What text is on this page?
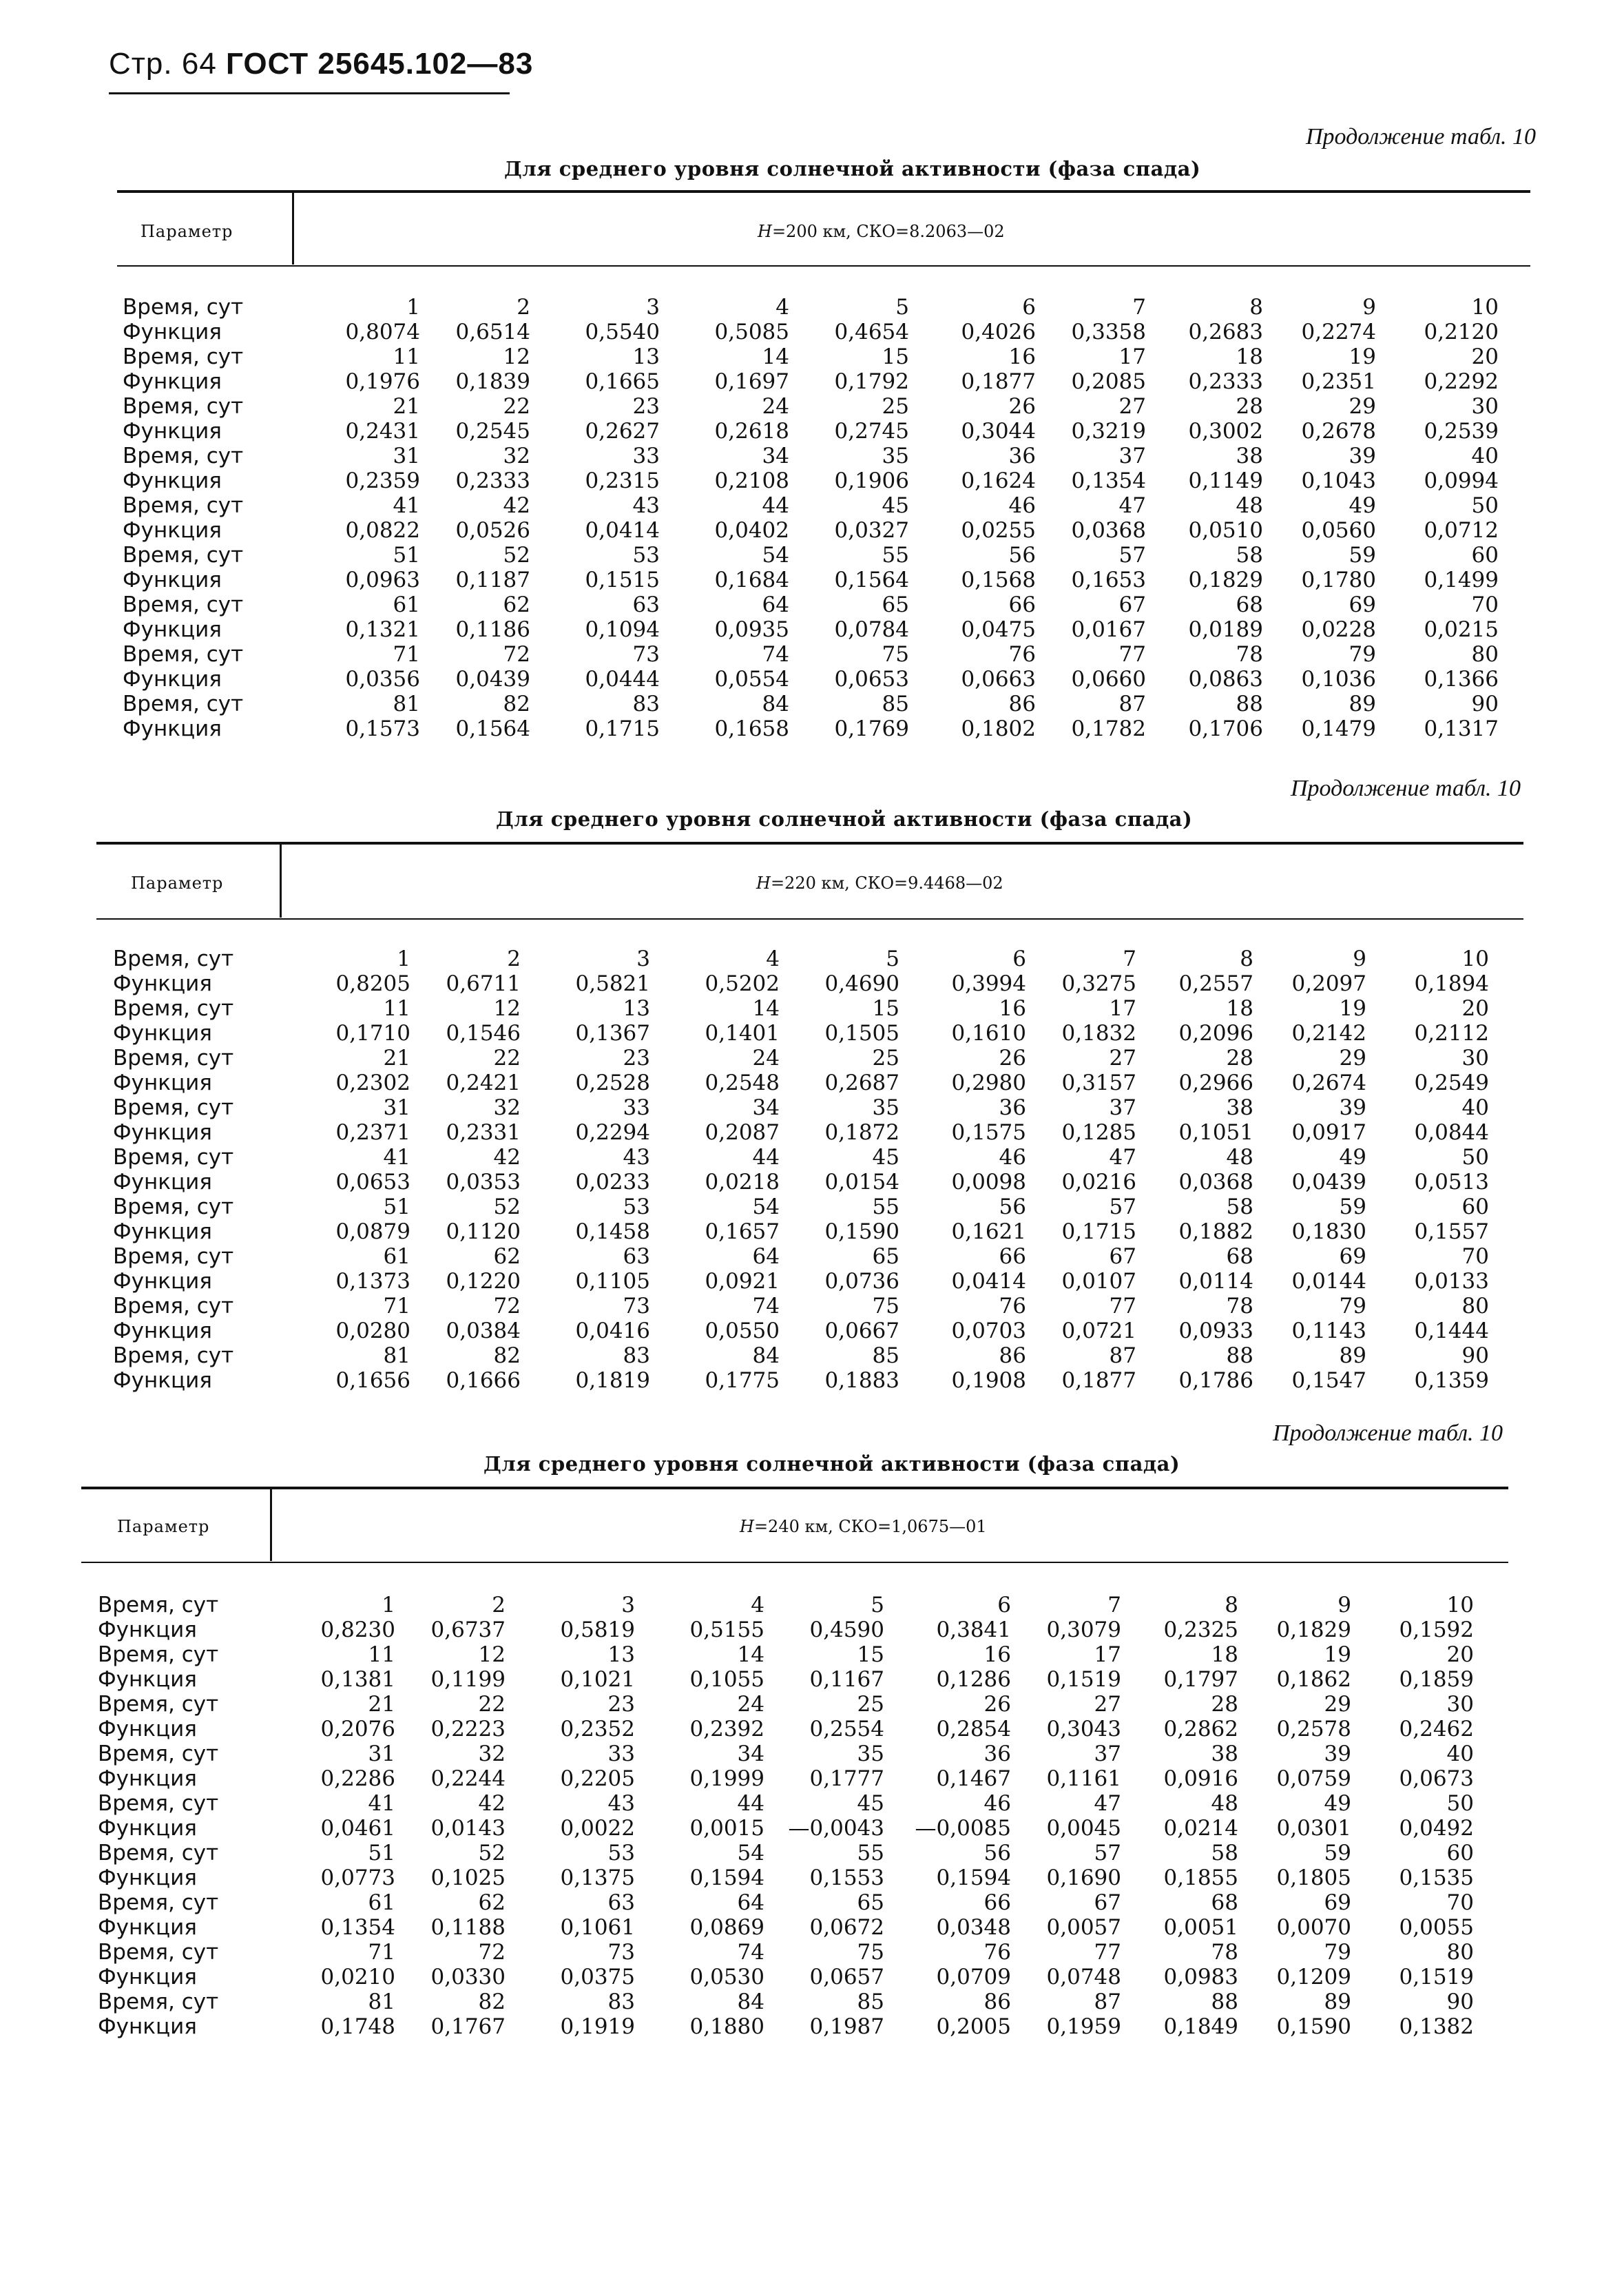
Стр. 64 ГОСТ 25645.102—83
Продолжение табл. 10
Для среднего уровня солнечной активности (фаза спада)
Параметр	H=200 км, СКО=8.2063—02
Время, сут	1	2	3	4	5	6	7	8	9	10
Функция	0,8074	0,6514	0,5540	0,5085	0,4654	0,4026	0,3358	0,2683	0,2274	0,2120
Время, сут	11	12	13	14	15	16	17	18	19	20
Функция	0,1976	0,1839	0,1665	0,1697	0,1792	0,1877	0,2085	0,2333	0,2351	0,2292
Время, сут	21	22	23	24	25	26	27	28	29	30
Функция	0,2431	0,2545	0,2627	0,2618	0,2745	0,3044	0,3219	0,3002	0,2678	0,2539
Время, сут	31	32	33	34	35	36	37	38	39	40
Функция	0,2359	0,2333	0,2315	0,2108	0,1906	0,1624	0,1354	0,1149	0,1043	0,0994
Время, сут	41	42	43	44	45	46	47	48	49	50
Функция	0,0822	0,0526	0,0414	0,0402	0,0327	0,0255	0,0368	0,0510	0,0560	0,0712
Время, сут	51	52	53	54	55	56	57	58	59	60
Функция	0,0963	0,1187	0,1515	0,1684	0,1564	0,1568	0,1653	0,1829	0,1780	0,1499
Время, сут	61	62	63	64	65	66	67	68	69	70
Функция	0,1321	0,1186	0,1094	0,0935	0,0784	0,0475	0,0167	0,0189	0,0228	0,0215
Время, сут	71	72	73	74	75	76	77	78	79	80
Функция	0,0356	0,0439	0,0444	0,0554	0,0653	0,0663	0,0660	0,0863	0,1036	0,1366
Время, сут	81	82	83	84	85	86	87	88	89	90
Функция	0,1573	0,1564	0,1715	0,1658	0,1769	0,1802	0,1782	0,1706	0,1479	0,1317
Продолжение табл. 10
Для среднего уровня солнечной активности (фаза спада)
Параметр	H=220 км, СКО=9.4468—02
Время, сут	1	2	3	4	5	6	7	8	9	10
Функция	0,8205	0,6711	0,5821	0,5202	0,4690	0,3994	0,3275	0,2557	0,2097	0,1894
Время, сут	11	12	13	14	15	16	17	18	19	20
Функция	0,1710	0,1546	0,1367	0,1401	0,1505	0,1610	0,1832	0,2096	0,2142	0,2112
Время, сут	21	22	23	24	25	26	27	28	29	30
Функция	0,2302	0,2421	0,2528	0,2548	0,2687	0,2980	0,3157	0,2966	0,2674	0,2549
Время, сут	31	32	33	34	35	36	37	38	39	40
Функция	0,2371	0,2331	0,2294	0,2087	0,1872	0,1575	0,1285	0,1051	0,0917	0,0844
Время, сут	41	42	43	44	45	46	47	48	49	50
Функция	0,0653	0,0353	0,0233	0,0218	0,0154	0,0098	0,0216	0,0368	0,0439	0,0513
Время, сут	51	52	53	54	55	56	57	58	59	60
Функция	0,0879	0,1120	0,1458	0,1657	0,1590	0,1621	0,1715	0,1882	0,1830	0,1557
Время, сут	61	62	63	64	65	66	67	68	69	70
Функция	0,1373	0,1220	0,1105	0,0921	0,0736	0,0414	0,0107	0,0114	0,0144	0,0133
Время, сут	71	72	73	74	75	76	77	78	79	80
Функция	0,0280	0,0384	0,0416	0,0550	0,0667	0,0703	0,0721	0,0933	0,1143	0,1444
Время, сут	81	82	83	84	85	86	87	88	89	90
Функция	0,1656	0,1666	0,1819	0,1775	0,1883	0,1908	0,1877	0,1786	0,1547	0,1359
Продолжение табл. 10
Для среднего уровня солнечной активности (фаза спада)
Параметр	H=240 км, СКО=1,0675—01
Время, сут	1	2	3	4	5	6	7	8	9	10
Функция	0,8230	0,6737	0,5819	0,5155	0,4590	0,3841	0,3079	0,2325	0,1829	0,1592
Время, сут	11	12	13	14	15	16	17	18	19	20
Функция	0,1381	0,1199	0,1021	0,1055	0,1167	0,1286	0,1519	0,1797	0,1862	0,1859
Время, сут	21	22	23	24	25	26	27	28	29	30
Функция	0,2076	0,2223	0,2352	0,2392	0,2554	0,2854	0,3043	0,2862	0,2578	0,2462
Время, сут	31	32	33	34	35	36	37	38	39	40
Функция	0,2286	0,2244	0,2205	0,1999	0,1777	0,1467	0,1161	0,0916	0,0759	0,0673
Время, сут	41	42	43	44	45	46	47	48	49	50
Функция	0,0461	0,0143	0,0022	0,0015	—0,0043	—0,0085	0,0045	0,0214	0,0301	0,0492
Время, сут	51	52	53	54	55	56	57	58	59	60
Функция	0,0773	0,1025	0,1375	0,1594	0,1553	0,1594	0,1690	0,1855	0,1805	0,1535
Время, сут	61	62	63	64	65	66	67	68	69	70
Функция	0,1354	0,1188	0,1061	0,0869	0,0672	0,0348	0,0057	0,0051	0,0070	0,0055
Время, сут	71	72	73	74	75	76	77	78	79	80
Функция	0,0210	0,0330	0,0375	0,0530	0,0657	0,0709	0,0748	0,0983	0,1209	0,1519
Время, сут	81	82	83	84	85	86	87	88	89	90
Функция	0,1748	0,1767	0,1919	0,1880	0,1987	0,2005	0,1959	0,1849	0,1590	0,1382
